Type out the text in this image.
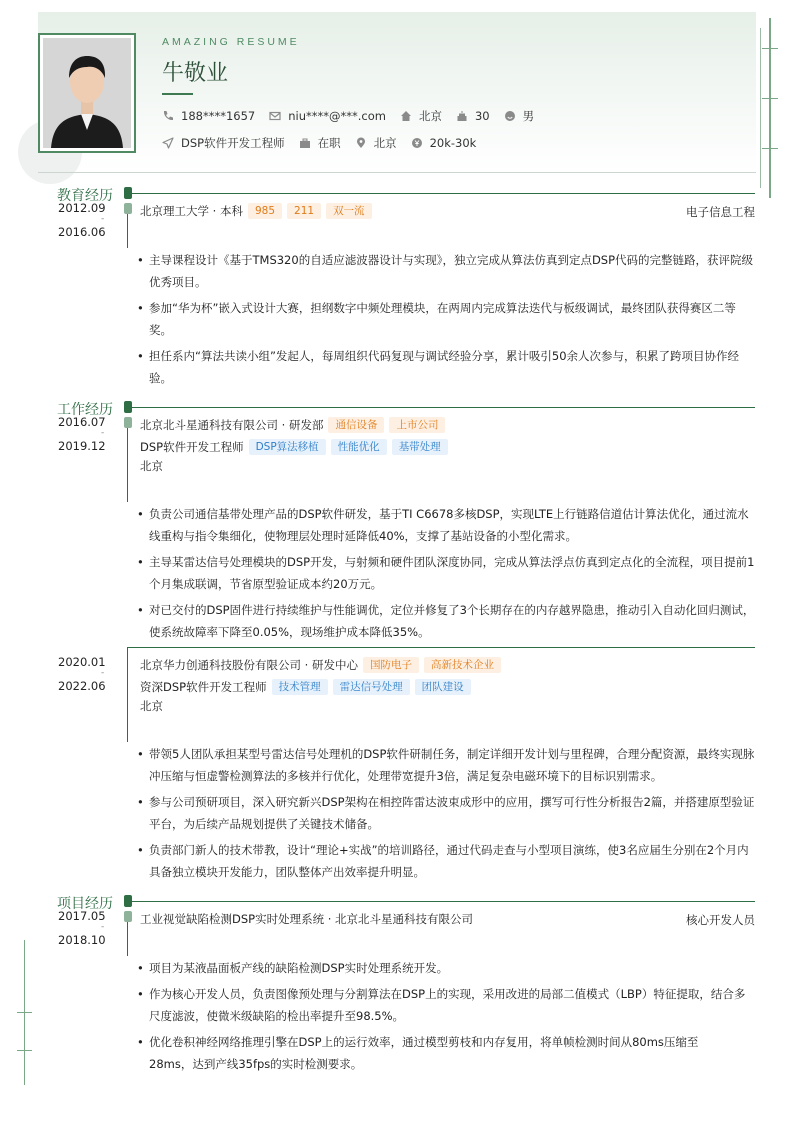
AMAZING RESUME
牛敬业
188****1657	niu****@***.com	北京	30	男
DSP软件开发工程师	在职	北京	20k-30k
教育经历
2012.09
-
2016.06
北京理工大学 · 本科	985	211	双一流	电子信息工程
• 主导课程设计《基于TMS320的自适应滤波器设计与实现》，独立完成从算法仿真到定点DSP代码的完整链路，获评院级优秀项目。
• 参加“华为杯”嵌入式设计大赛，担纲数字中频处理模块，在两周内完成算法迭代与板级调试，最终团队获得赛区二等奖。
• 担任系内“算法共读小组”发起人，每周组织代码复现与调试经验分享，累计吸引50余人次参与，积累了跨项目协作经验。
工作经历
2016.07
-
2019.12
北京北斗星通科技有限公司 · 研发部	通信设备	上市公司
DSP软件开发工程师	DSP算法移植	性能优化	基带处理
北京
• 负责公司通信基带处理产品的DSP软件研发，基于TI C6678多核DSP，实现LTE上行链路信道估计算法优化，通过流水线重构与指令集细化，使物理层处理时延降低40%，支撑了基站设备的小型化需求。
• 主导某雷达信号处理模块的DSP开发，与射频和硬件团队深度协同，完成从算法浮点仿真到定点化的全流程，项目提前1个月集成联调，节省原型验证成本约20万元。
• 对已交付的DSP固件进行持续维护与性能调优，定位并修复了3个长期存在的内存越界隐患，推动引入自动化回归测试，使系统故障率下降至0.05%，现场维护成本降低35%。
2020.01
-
2022.06
北京华力创通科技股份有限公司 · 研发中心	国防电子	高新技术企业
资深DSP软件开发工程师	技术管理	雷达信号处理	团队建设
北京
• 带领5人团队承担某型号雷达信号处理机的DSP软件研制任务，制定详细开发计划与里程碑，合理分配资源，最终实现脉冲压缩与恒虚警检测算法的多核并行优化，处理带宽提升3倍，满足复杂电磁环境下的目标识别需求。
• 参与公司预研项目，深入研究新兴DSP架构在相控阵雷达波束成形中的应用，撰写可行性分析报告2篇，并搭建原型验证平台，为后续产品规划提供了关键技术储备。
• 负责部门新人的技术带教，设计“理论+实战”的培训路径，通过代码走查与小型项目演练，使3名应届生分别在2个月内具备独立模块开发能力，团队整体产出效率提升明显。
项目经历
2017.05
-
2018.10
工业视觉缺陷检测DSP实时处理系统 · 北京北斗星通科技有限公司	核心开发人员
• 项目为某液晶面板产线的缺陷检测DSP实时处理系统开发。
• 作为核心开发人员，负责图像预处理与分割算法在DSP上的实现，采用改进的局部二值模式（LBP）特征提取，结合多尺度滤波，使微米级缺陷的检出率提升至98.5%。
• 优化卷积神经网络推理引擎在DSP上的运行效率，通过模型剪枝和内存复用，将单帧检测时间从80ms压缩至28ms，达到产线35fps的实时检测要求。
